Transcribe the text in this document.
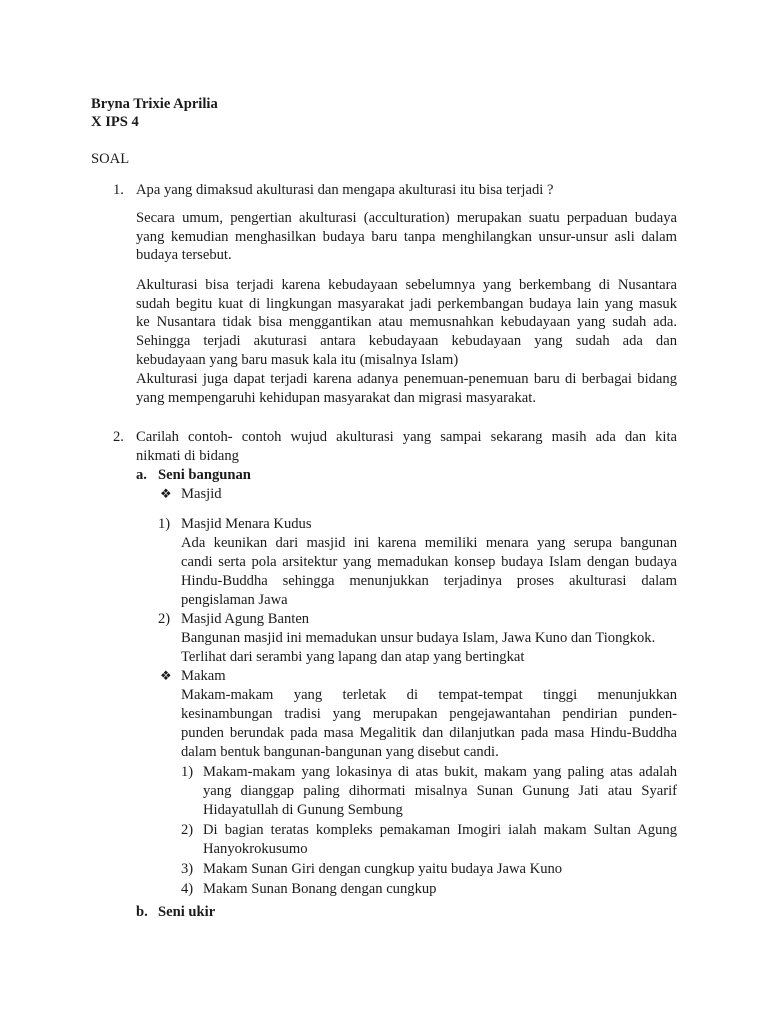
Bryna Trixie Aprilia
X IPS 4
SOAL
1. Apa yang dimaksud akulturasi dan mengapa akulturasi itu bisa terjadi ?
Secara umum, pengertian akulturasi (acculturation) merupakan suatu perpaduan budaya
yang kemudian menghasilkan budaya baru tanpa menghilangkan unsur-unsur asli dalam
budaya tersebut.
Akulturasi bisa terjadi karena kebudayaan sebelumnya yang berkembang di Nusantara
sudah begitu kuat di lingkungan masyarakat jadi perkembangan budaya lain yang masuk
ke Nusantara tidak bisa menggantikan atau memusnahkan kebudayaan yang sudah ada.
Sehingga terjadi akuturasi antara kebudayaan kebudayaan yang sudah ada dan
kebudayaan yang baru masuk kala itu (misalnya Islam)
Akulturasi juga dapat terjadi karena adanya penemuan-penemuan baru di berbagai bidang
yang mempengaruhi kehidupan masyarakat dan migrasi masyarakat.
2. Carilah contoh- contoh wujud akulturasi yang sampai sekarang masih ada dan kita
nikmati di bidang
a. Seni bangunan
❖ Masjid
1) Masjid Menara Kudus
Ada keunikan dari masjid ini karena memiliki menara yang serupa bangunan
candi serta pola arsitektur yang memadukan konsep budaya Islam dengan budaya
Hindu-Buddha sehingga menunjukkan terjadinya proses akulturasi dalam
pengislaman Jawa
2) Masjid Agung Banten
Bangunan masjid ini memadukan unsur budaya Islam, Jawa Kuno dan Tiongkok.
Terlihat dari serambi yang lapang dan atap yang bertingkat
❖ Makam
Makam-makam yang terletak di tempat-tempat tinggi menunjukkan
kesinambungan tradisi yang merupakan pengejawantahan pendirian punden-
punden berundak pada masa Megalitik dan dilanjutkan pada masa Hindu-Buddha
dalam bentuk bangunan-bangunan yang disebut candi.
1) Makam-makam yang lokasinya di atas bukit, makam yang paling atas adalah
yang dianggap paling dihormati misalnya Sunan Gunung Jati atau Syarif
Hidayatullah di Gunung Sembung
2) Di bagian teratas kompleks pemakaman Imogiri ialah makam Sultan Agung
Hanyokrokusumo
3) Makam Sunan Giri dengan cungkup yaitu budaya Jawa Kuno
4) Makam Sunan Bonang dengan cungkup
b. Seni ukir
